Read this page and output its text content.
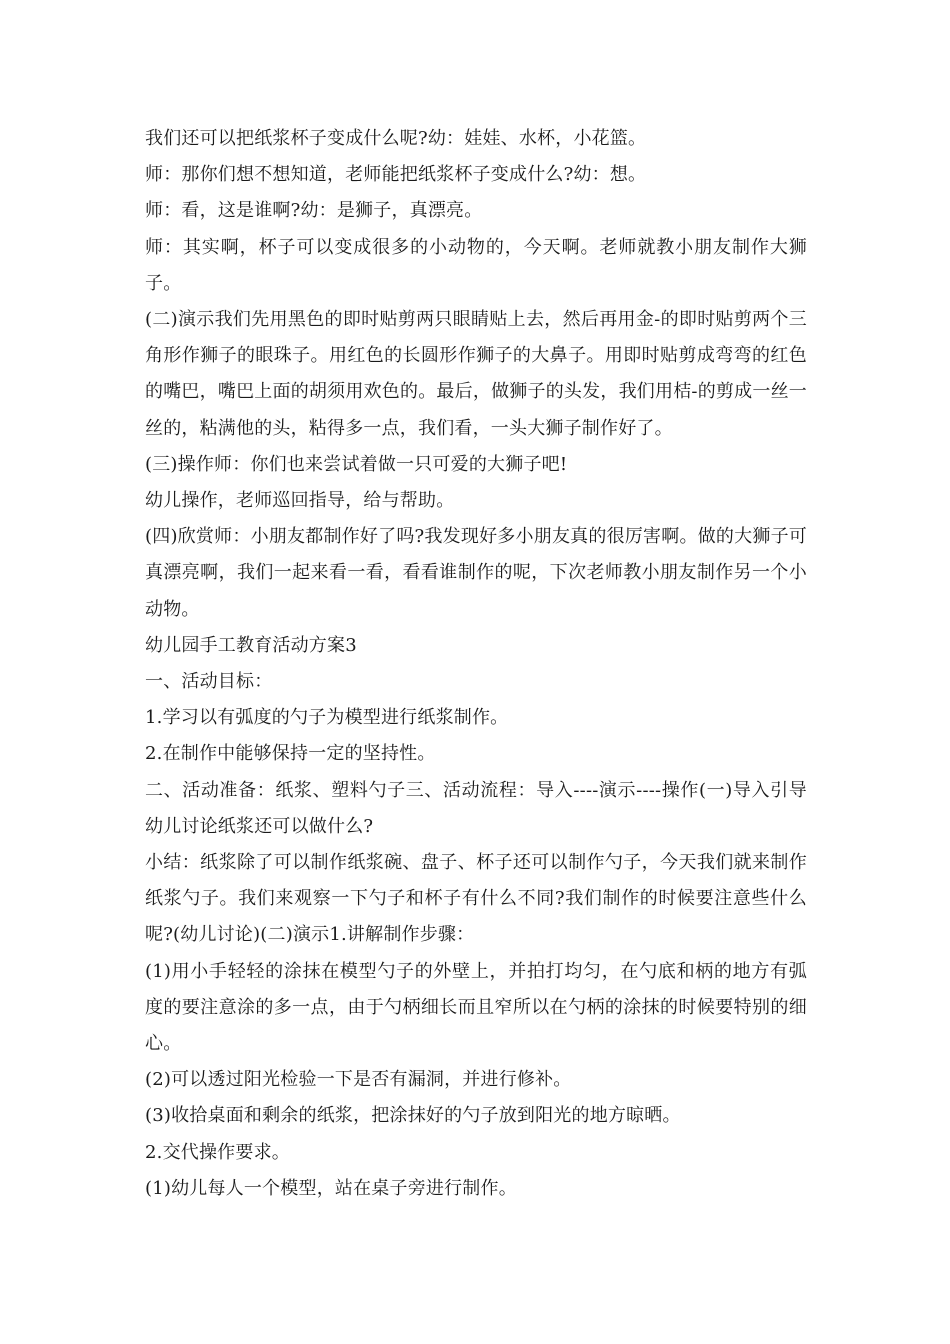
我们还可以把纸浆杯子变成什么呢?幼：娃娃、水杯，小花篮。

师：那你们想不想知道，老师能把纸浆杯子变成什么?幼：想。

师：看，这是谁啊?幼：是狮子，真漂亮。

师：其实啊，杯子可以变成很多的小动物的，今天啊。老师就教小朋友制作大狮子。

(二)演示我们先用黑色的即时贴剪两只眼睛贴上去，然后再用金-的即时贴剪两个三角形作狮子的眼珠子。用红色的长圆形作狮子的大鼻子。用即时贴剪成弯弯的红色的嘴巴，嘴巴上面的胡须用欢色的。最后，做狮子的头发，我们用桔-的剪成一丝一丝的，粘满他的头，粘得多一点，我们看，一头大狮子制作好了。

(三)操作师：你们也来尝试着做一只可爱的大狮子吧!

幼儿操作，老师巡回指导，给与帮助。

(四)欣赏师：小朋友都制作好了吗?我发现好多小朋友真的很厉害啊。做的大狮子可真漂亮啊，我们一起来看一看，看看谁制作的呢，下次老师教小朋友制作另一个小动物。

幼儿园手工教育活动方案3

一、活动目标：

1.学习以有弧度的勺子为模型进行纸浆制作。

2.在制作中能够保持一定的坚持性。

二、活动准备：纸浆、塑料勺子三、活动流程：导入----演示----操作(一)导入引导幼儿讨论纸浆还可以做什么?

小结：纸浆除了可以制作纸浆碗、盘子、杯子还可以制作勺子，今天我们就来制作纸浆勺子。我们来观察一下勺子和杯子有什么不同?我们制作的时候要注意些什么呢?(幼儿讨论)(二)演示1.讲解制作步骤：

(1)用小手轻轻的涂抹在模型勺子的外壁上，并拍打均匀，在勺底和柄的地方有弧度的要注意涂的多一点，由于勺柄细长而且窄所以在勺柄的涂抹的时候要特别的细心。

(2)可以透过阳光检验一下是否有漏洞，并进行修补。

(3)收拾桌面和剩余的纸浆，把涂抹好的勺子放到阳光的地方晾晒。

2.交代操作要求。

(1)幼儿每人一个模型，站在桌子旁进行制作。
